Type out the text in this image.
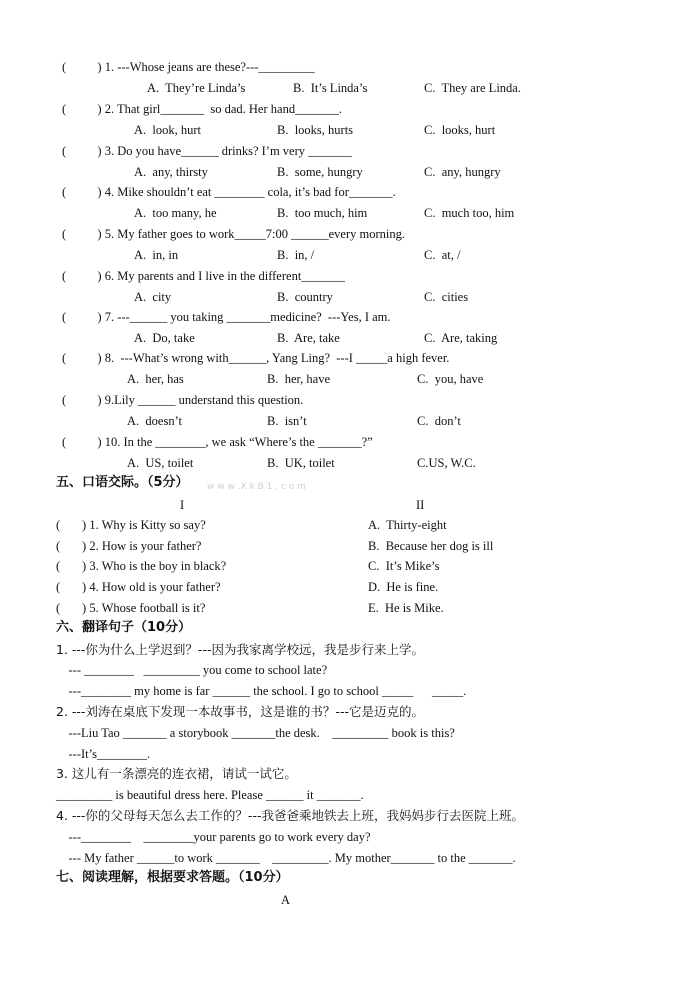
(          ) 1. ---Whose jeans are these?---_________
A.  They’re Linda’s	B.  It’s Linda’s	C.  They are Linda.
(          ) 2. That girl_______  so dad. Her hand_______.
A.  look, hurt	B.  looks, hurts	C.  looks, hurt
(          ) 3. Do you have______ drinks? I’m very _______
A.  any, thirsty	B.  some, hungry	C.  any, hungry
(          ) 4. Mike shouldn’t eat ________ cola, it’s bad for_______.
A.  too many, he	B.  too much, him	C.  much too, him
(          ) 5. My father goes to work_____7:00 ______every morning.
A.  in, in	B.  in, /	C.  at, /
(          ) 6. My parents and I live in the different_______
A.  city	B.  country	C.  cities
(          ) 7. ---______ you taking _______medicine?  ---Yes, I am.
A.  Do, take	B.  Are, take	C.  Are, taking
(          ) 8.  ---What’s wrong with______, Yang Ling?  ---I _____a high fever.
A.  her, has	B.  her, have	C.  you, have
(          ) 9.Lily ______ understand this question.
A.  doesn’t	B.  isn’t	C.  don’t
(          ) 10. In the ________, we ask “Where’s the _______?”
A.  US, toilet	B.  UK, toilet	C.US, W.C.
五、口语交际。（5分） w w w .X k B 1 . c o m
I	II
(       ) 1. Why is Kitty so say?	A.  Thirty-eight
(       ) 2. How is your father?	B.  Because her dog is ill
(       ) 3. Who is the boy in black?	C.  It’s Mike’s
(       ) 4. How old is your father?	D.  He is fine.
(       ) 5. Whose football is it?	E.  He is Mike.
六、翻译句子（10分）
1. ---你为什么上学迟到？---因为我家离学校远，我是步行来上学。
--- ________   _________ you come to school late?
---________ my home is far ______ the school. I go to school _____      _____.
2. ---刘涛在桌底下发现一本故事书，这是谁的书？---它是迈克的。
---Liu Tao _______ a storybook _______the desk.    _________ book is this?
---It’s________.
3. 这儿有一条漂亮的连衣裙，请试一试它。
_________ is beautiful dress here. Please ______ it _______.
4. ---你的父母每天怎么去工作的？---我爸爸乘地铁去上班，我妈妈步行去医院上班。
---________    ________your parents go to work every day?
--- My father ______to work _______    _________. My mother_______ to the _______.
七、阅读理解，根据要求答题。（10分）
A
